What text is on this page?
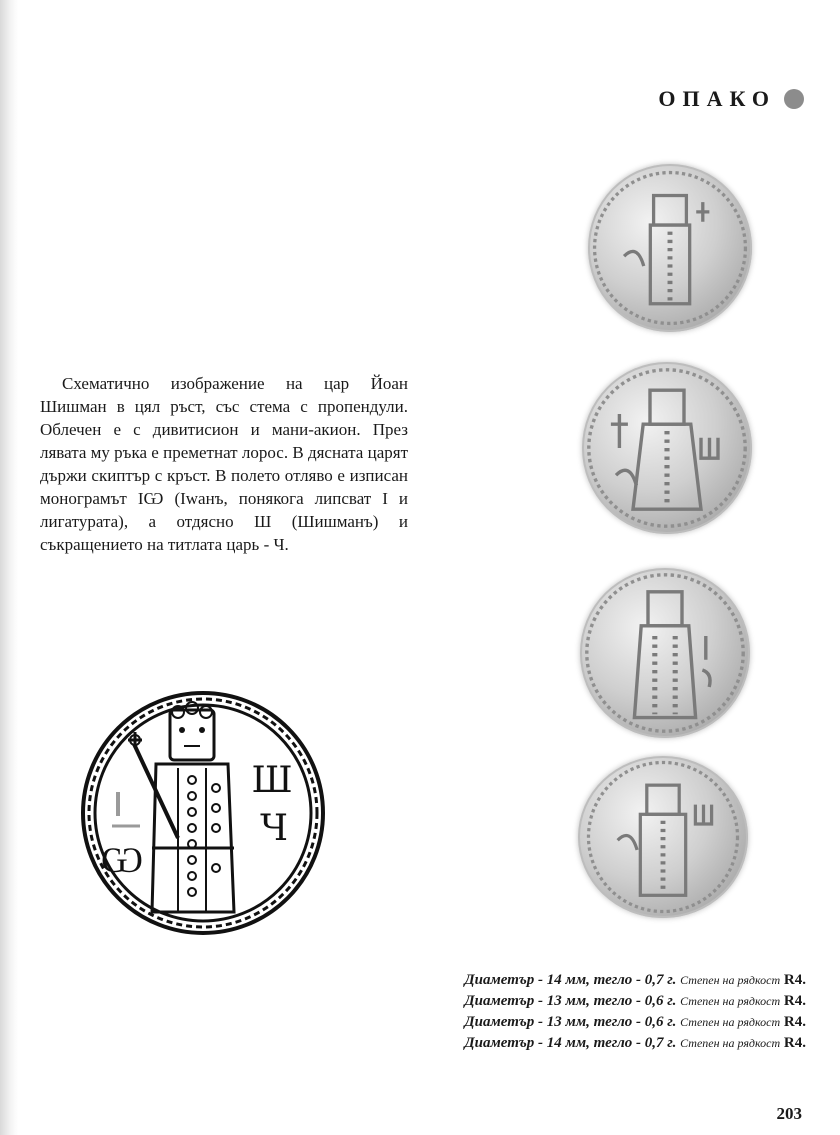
ОПАКО

Схематично изображение на цар Йоан Шишман в цял ръст, със стема с пропендули. Облечен е с дивитисион и мани-акион. През лявата му ръка е преметнат лорос. В дясната царят държи скиптър с кръст. В полето отляво е изписан монограмът ІѠ (Іwанъ, понякога липсват І и лигатурата), а отдясно Ш (Шишманъ) и съкращението на титлата царь - Ч.

Ѡ
Ш
Ч
Диаметър - 14 мм, тегло - 0,7 г. Степен на рядкост R4.
Диаметър - 13 мм, тегло - 0,6 г. Степен на рядкост R4.
Диаметър - 13 мм, тегло - 0,6 г. Степен на рядкост R4.
Диаметър - 14 мм, тегло - 0,7 г. Степен на рядкост R4.
203
